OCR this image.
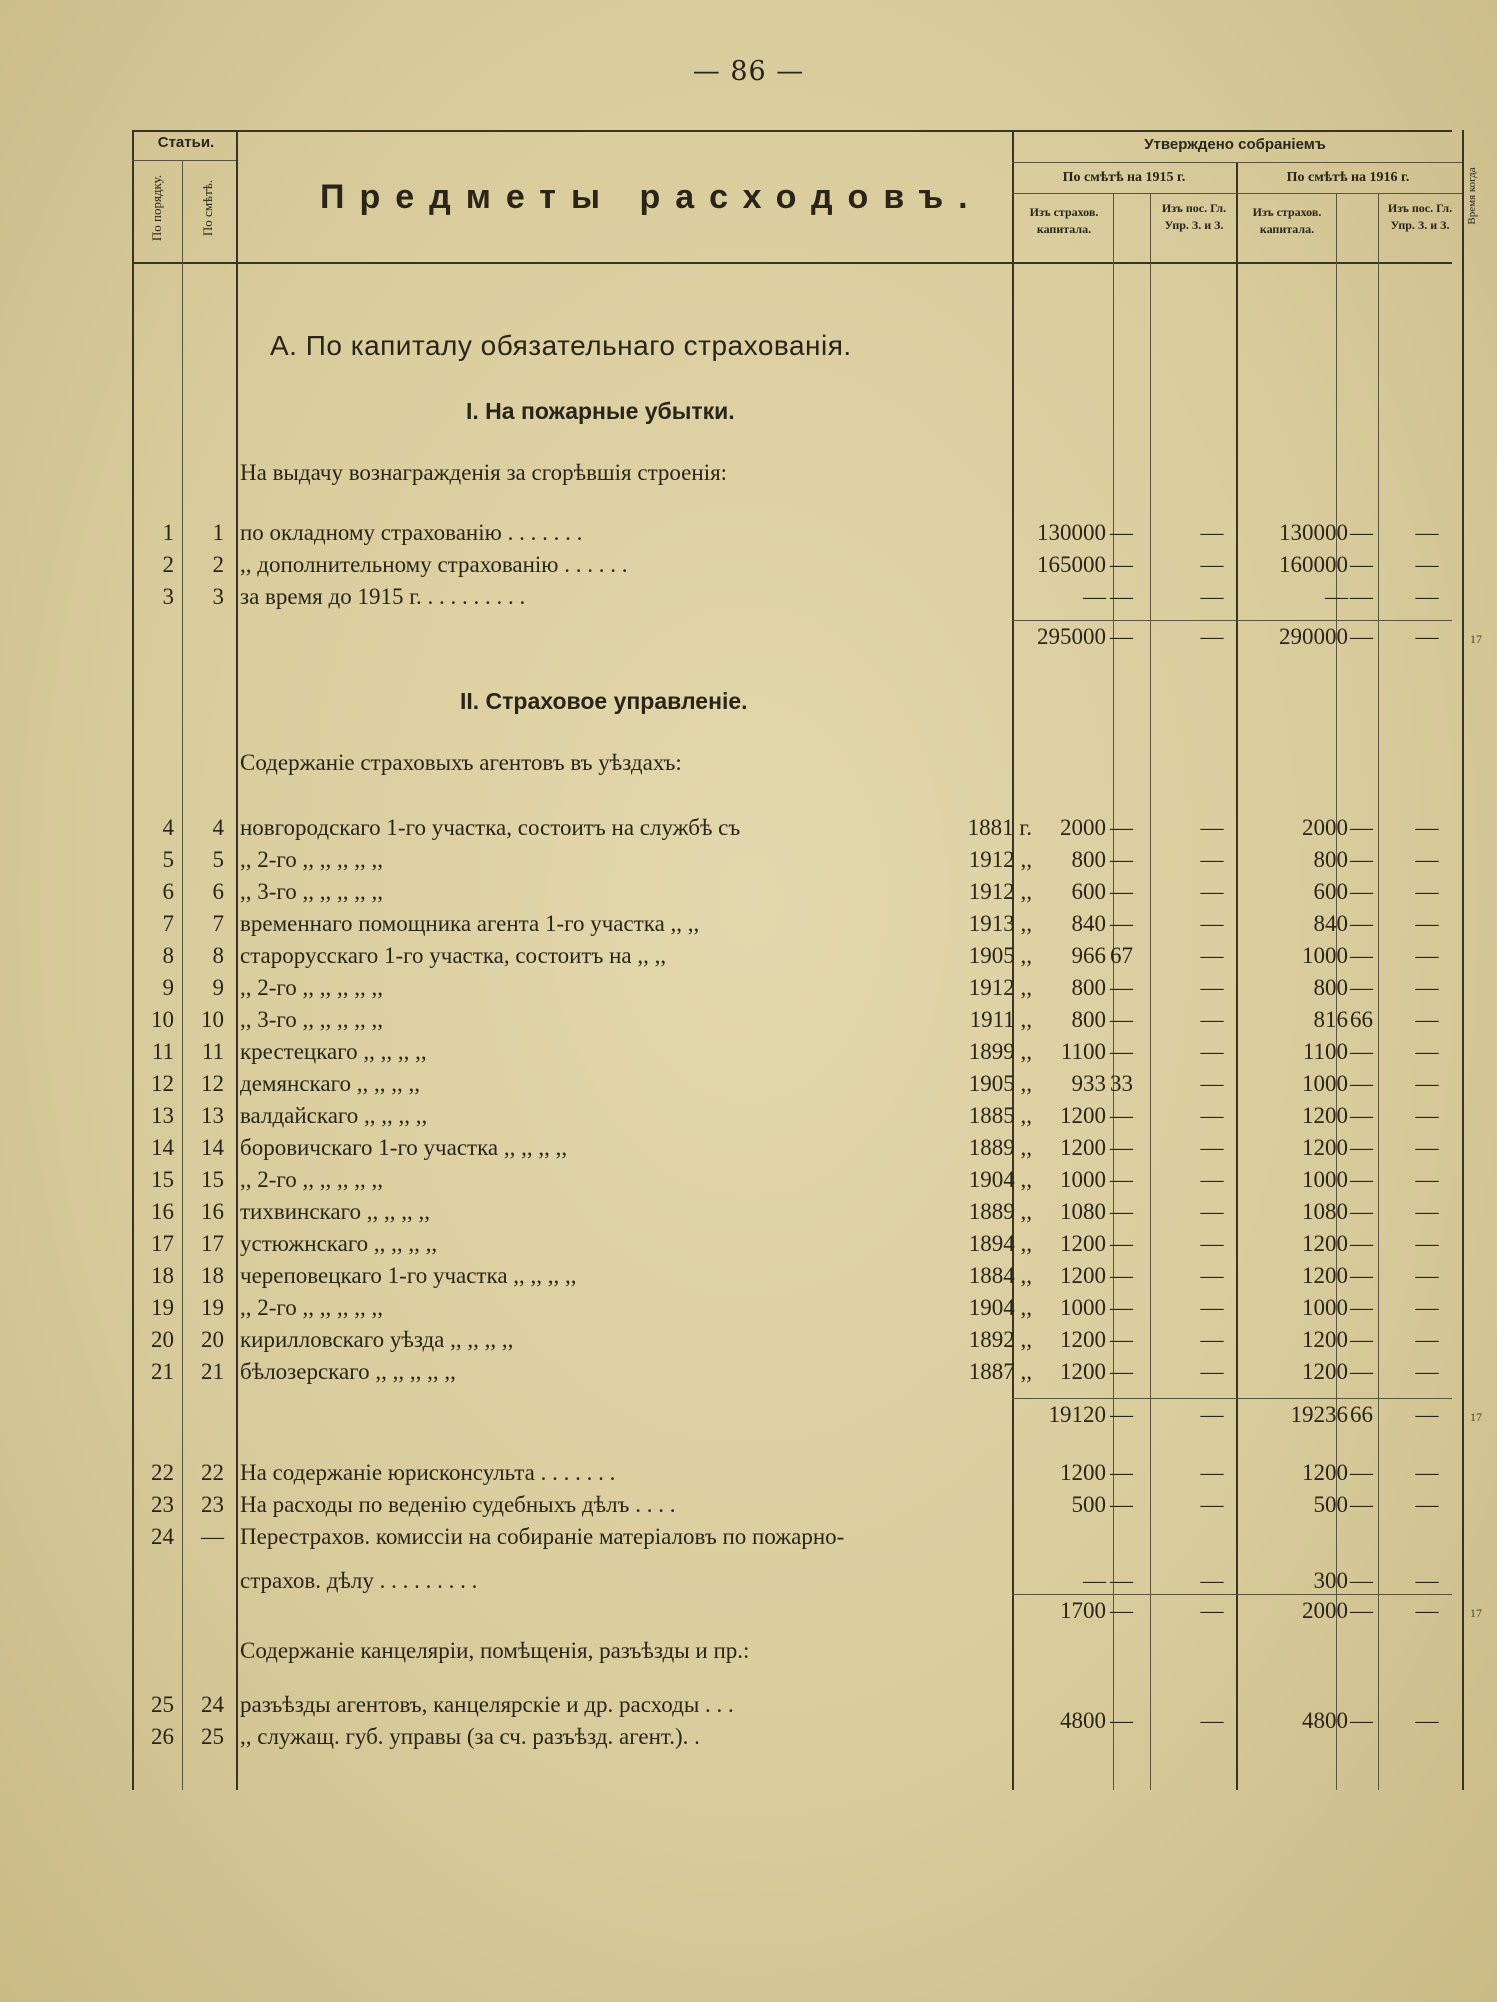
— 86 —
Статьи.
По порядку.	По смѣтѣ.	Предметы расходовъ.
Утверждено собраніемъ
По смѣтѣ на 1915 г.	По смѣтѣ на 1916 г.
Изъ страхов. капитала.
Изъ пос. Гл. Упр. З. и З.
Изъ страхов. капитала.
Изъ пос. Гл. Упр. З. и З.
Время когда
А. По капиталу обязательнаго страхованія.
I. На пожарные убытки.
На выдачу вознагражденія за сгорѣвшія строенія:
1	1 по окладному страхованію . . . . . . .	130000 —	—	130000 —	—
2	2 ,, дополнительному страхованію . . . . . .	165000 —	—	160000 —	—
3	3 за время до 1915 г. . . . . . . . . .	— —	—	— —	—
295000 —	—	290000 —	—	17
II. Страховое управленіе.
Содержаніе страховыхъ агентовъ въ уѣздахъ:
4	4 новгородскаго 1-го участка, состоитъ на службѣ съ	1881 г.	2000 —	—	2000 —	—
5	5 ,, 2-го ,, ,, ,, ,, ,,	1912 ,,	800 —	—	800 —	—
6	6 ,, 3-го ,, ,, ,, ,, ,,	1912 ,,	600 —	—	600 —	—
7	7 временнаго помощника агента 1-го участка ,, ,,	1913 ,,	840 —	—	840 —	—
8	8 старорусскаго 1-го участка, состоитъ на ,, ,,	1905 ,,	966 67	—	1000 —	—
9	9 ,, 2-го ,, ,, ,, ,, ,,	1912 ,,	800 —	—	800 —	—
10	10 ,, 3-го ,, ,, ,, ,, ,,	1911 ,,	800 —	—	816 66	—
11	11 крестецкаго ,, ,, ,, ,,	1899 ,,	1100 —	—	1100 —	—
12	12 демянскаго ,, ,, ,, ,,	1905 ,,	933 33	—	1000 —	—
13	13 валдайскаго ,, ,, ,, ,,	1885 ,,	1200 —	—	1200 —	—
14	14 боровичскаго 1-го участка ,, ,, ,, ,,	1889 ,,	1200 —	—	1200 —	—
15	15 ,, 2-го ,, ,, ,, ,, ,,	1904 ,,	1000 —	—	1000 —	—
16	16 тихвинскаго ,, ,, ,, ,,	1889 ,,	1080 —	—	1080 —	—
17	17 устюжнскаго ,, ,, ,, ,,	1894 ,,	1200 —	—	1200 —	—
18	18 череповецкаго 1-го участка ,, ,, ,, ,,	1884 ,,	1200 —	—	1200 —	—
19	19 ,, 2-го ,, ,, ,, ,, ,,	1904 ,,	1000 —	—	1000 —	—
20	20 кирилловскаго уѣзда ,, ,, ,, ,,	1892 ,,	1200 —	—	1200 —	—
21	21 бѣлозерскаго ,, ,, ,, ,, ,,	1887 ,,	1200 —	—	1200 —	—
19120 —	—	19236 66	—	17
22	22 На содержаніе юрисконсульта . . . . . . .	1200 —	—	1200 —	—
23	23 На расходы по веденію судебныхъ дѣлъ . . . .	500 —	—	500 —	—
24	— Перестрахов. комиссіи на собираніе матеріаловъ по пожарно-
страхов. дѣлу . . . . . . . . .	— —	—	300 —	—
1700 —	—	2000 —	—	17
Содержаніе канцеляріи, помѣщенія, разъѣзды и пр.:
25	24 разъѣзды агентовъ, канцелярскіе и др. расходы . . .
26	25 ,, служащ. губ. управы (за сч. разъѣзд. агент.). .
4800 —	—	4800 —	—
